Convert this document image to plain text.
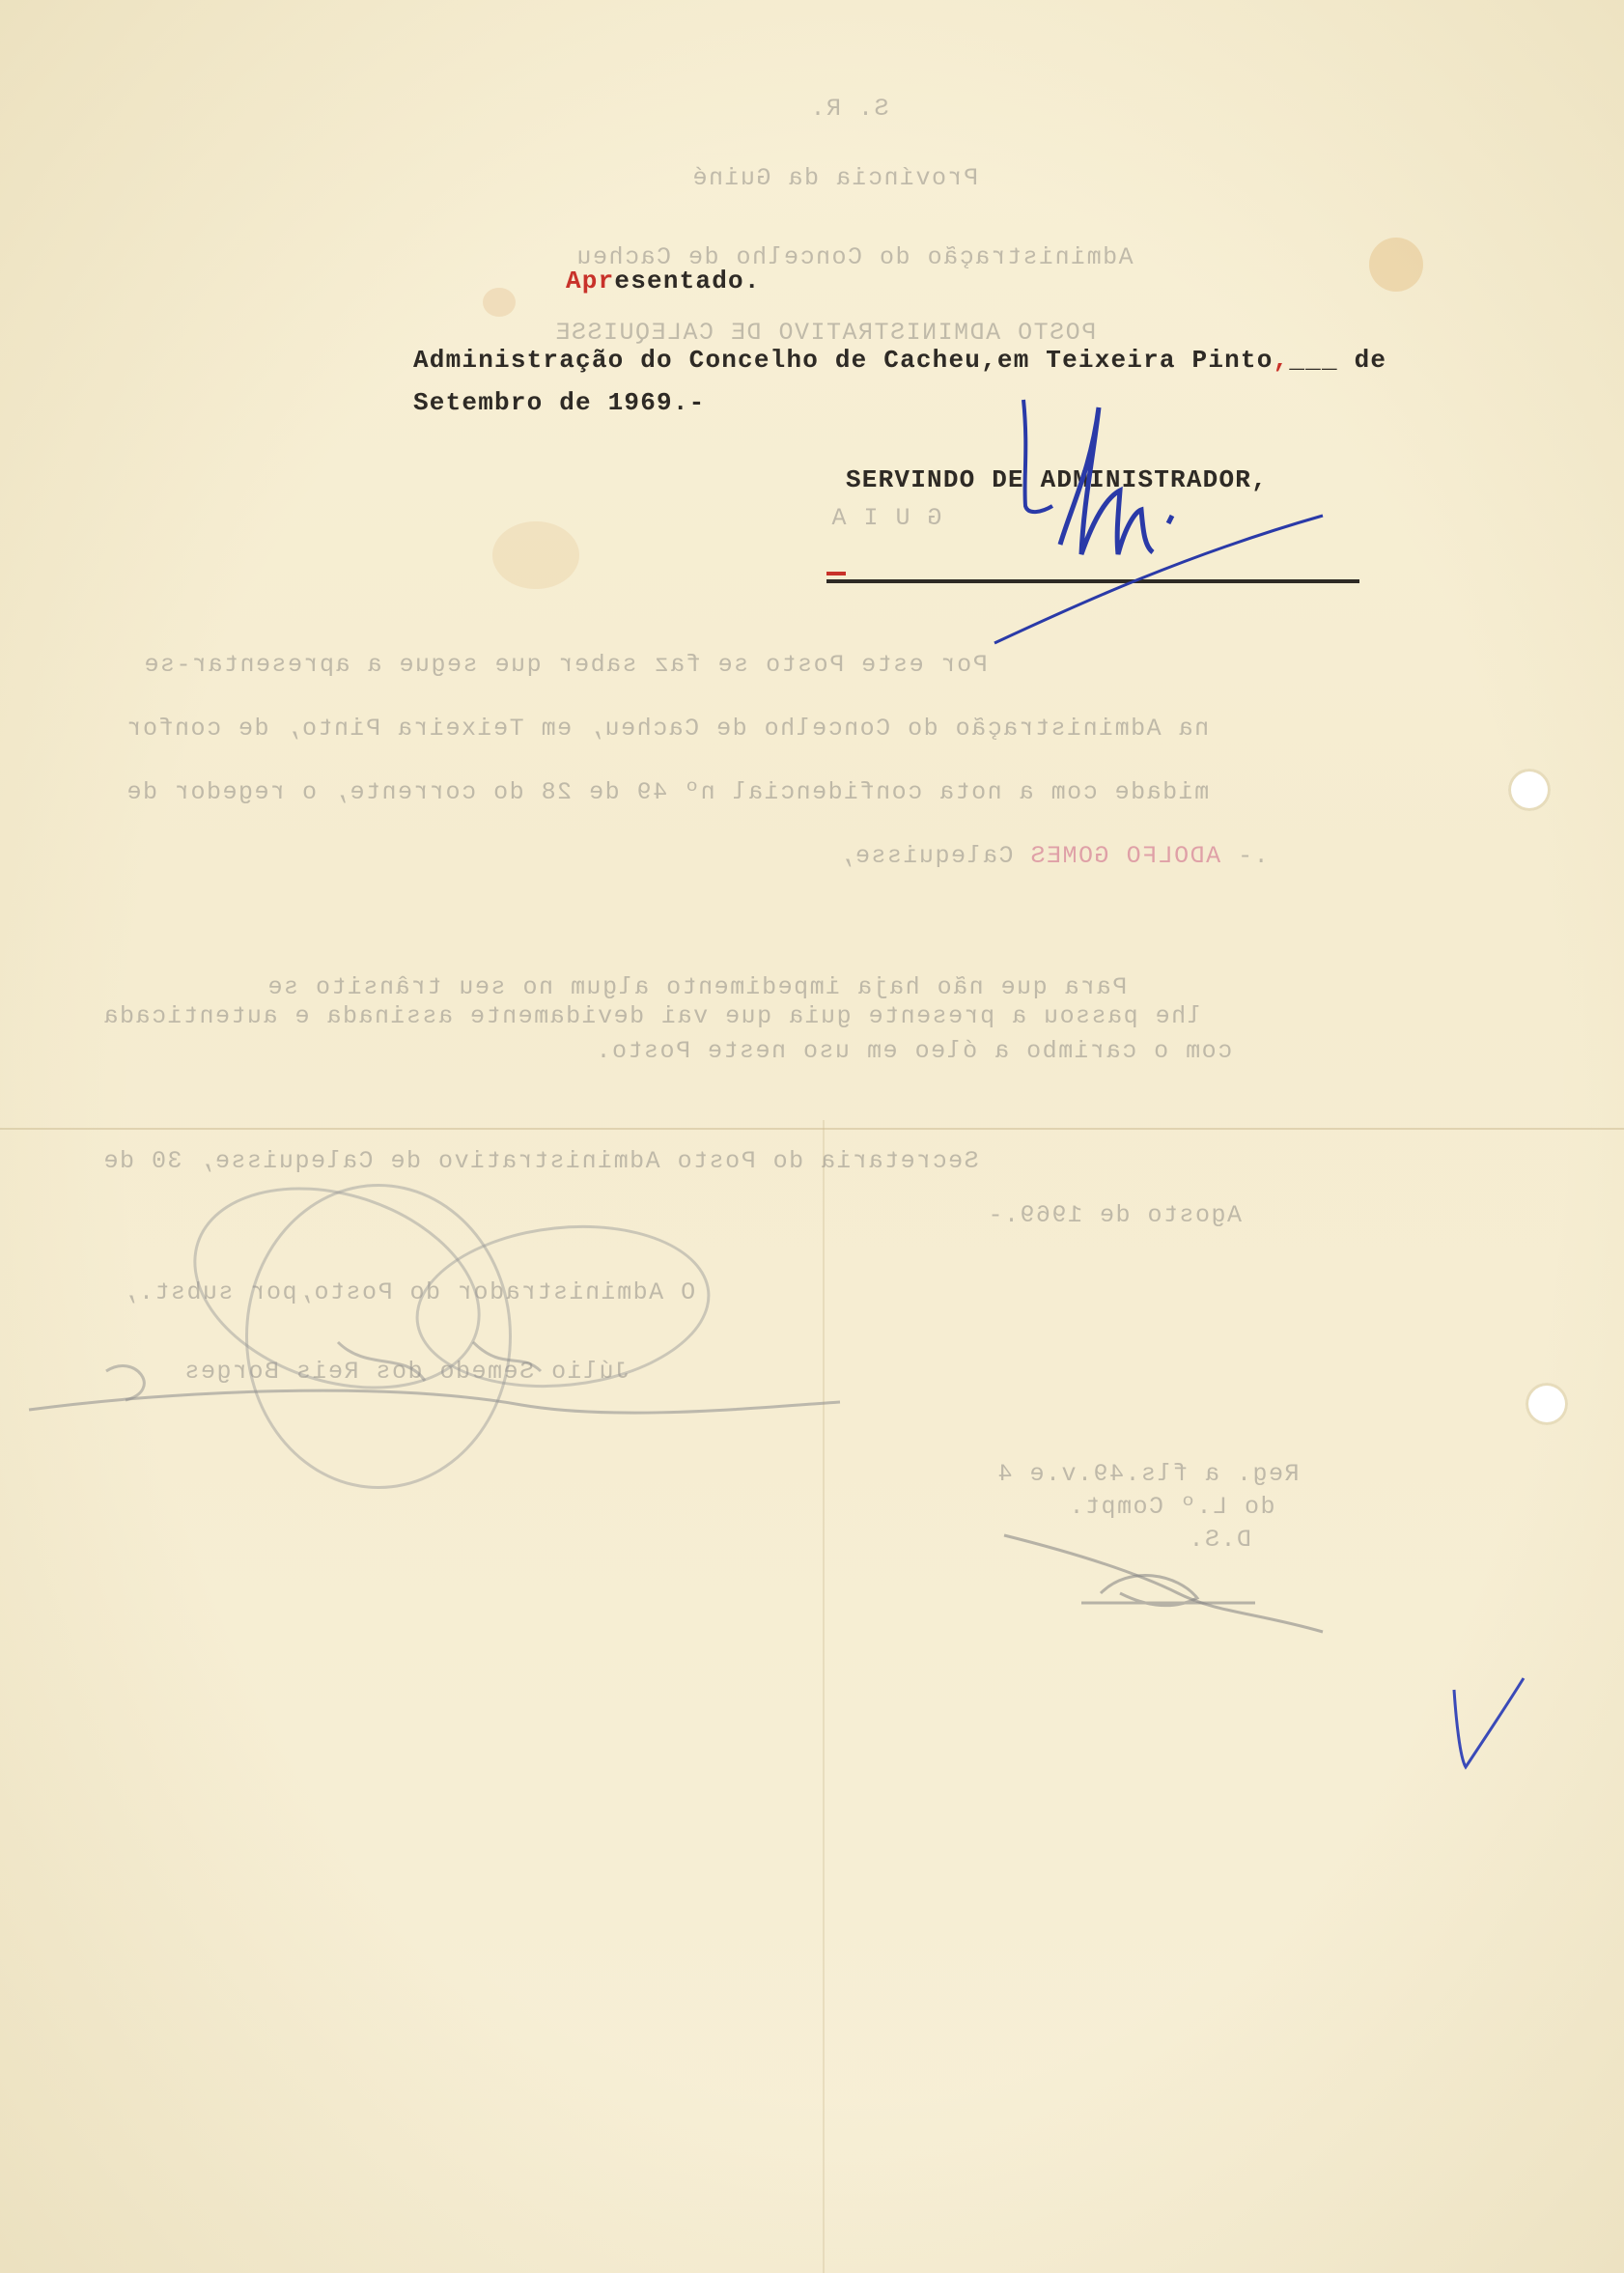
S. R.
Província da Guiné
Administração do Concelho de Cacheu
POSTO ADMINISTRATIVO DE CALEQUISSE
G U I A
Por este Posto se faz saber que segue a apresentar-se
na Administração do Concelho de Cacheu, em Teixeira Pinto, de confor
midade com a nota confidencial nº 49 de 28 do corrente, o regedor de
.- ADOLFO GOMES Calequisse,
Para que não haja impedimento algum no seu trânsito se
lhe passou a presente guia que vai devidamente assinada e autenticada
com o carimbo a óleo em uso neste Posto.
Secretaria do Posto Administrativo de Calequisse, 30 de
Agosto de 1969.-
O Administrador do Posto,por subst.,
Júlio Semedo dos Reis Borges
Reg. a fls.49.v.e 4
do L.º Compt.
D.S.
Apresentado.
Administração do Concelho de Cacheu,em Teixeira Pinto,___ de
Setembro de 1969.-
SERVINDO DE ADMINISTRADOR,
